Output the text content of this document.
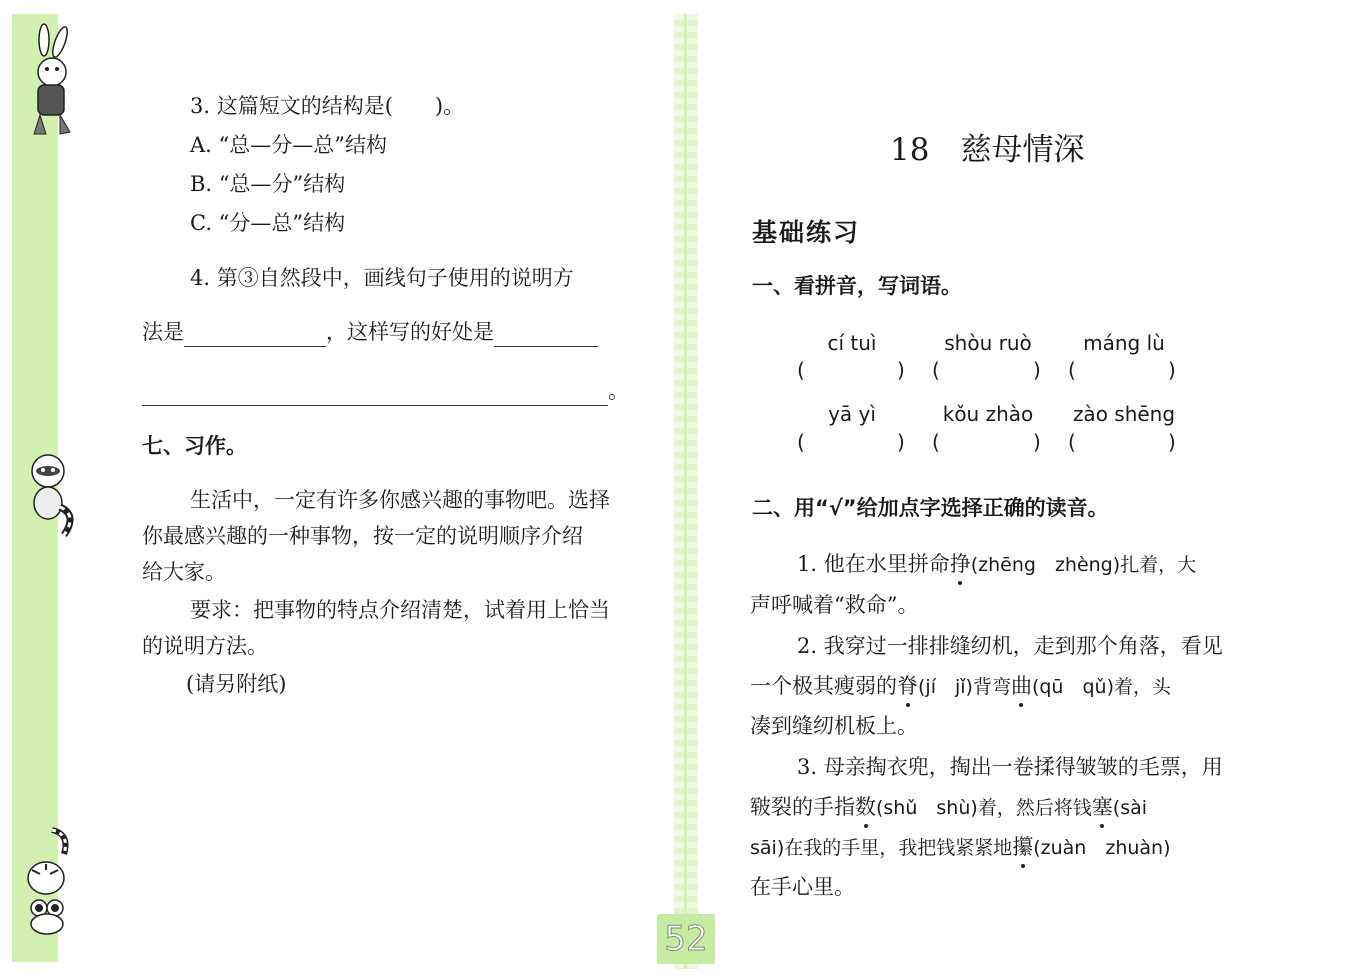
3. 这篇短文的结构是(　　)。
A. “总—分—总”结构
B. “总—分”结构
C. “分—总”结构
4. 第③自然段中，画线句子使用的说明方
法是	，这样写的好处是
。
七、习作。
生活中，一定有许多你感兴趣的事物吧。选择
你最感兴趣的一种事物，按一定的说明顺序介绍
给大家。
要求：把事物的特点介绍清楚，试着用上恰当
的说明方法。
(请另附纸)
18　慈母情深
基础练习
一、看拼音，写词语。
cí tuì	shòu ruò	máng lù
(	) (	) (	)
yā yì	kǒu zhào	zào shēng
(	) (	) (	)
二、用“√”给加点字选择正确的读音。
1. 他在水里拼命挣(zhēng　zhèng)扎着，大
声呼喊着“救命”。
2. 我穿过一排排缝纫机，走到那个角落，看见
一个极其瘦弱的脊(jí　jǐ)背弯曲(qū　qǔ)着，头
凑到缝纫机板上。
3. 母亲掏衣兜，掏出一卷揉得皱皱的毛票，用
皲裂的手指数(shǔ　shù)着，然后将钱塞(sài
sāi)在我的手里，我把钱紧紧地攥(zuàn　zhuàn)
在手心里。
52
